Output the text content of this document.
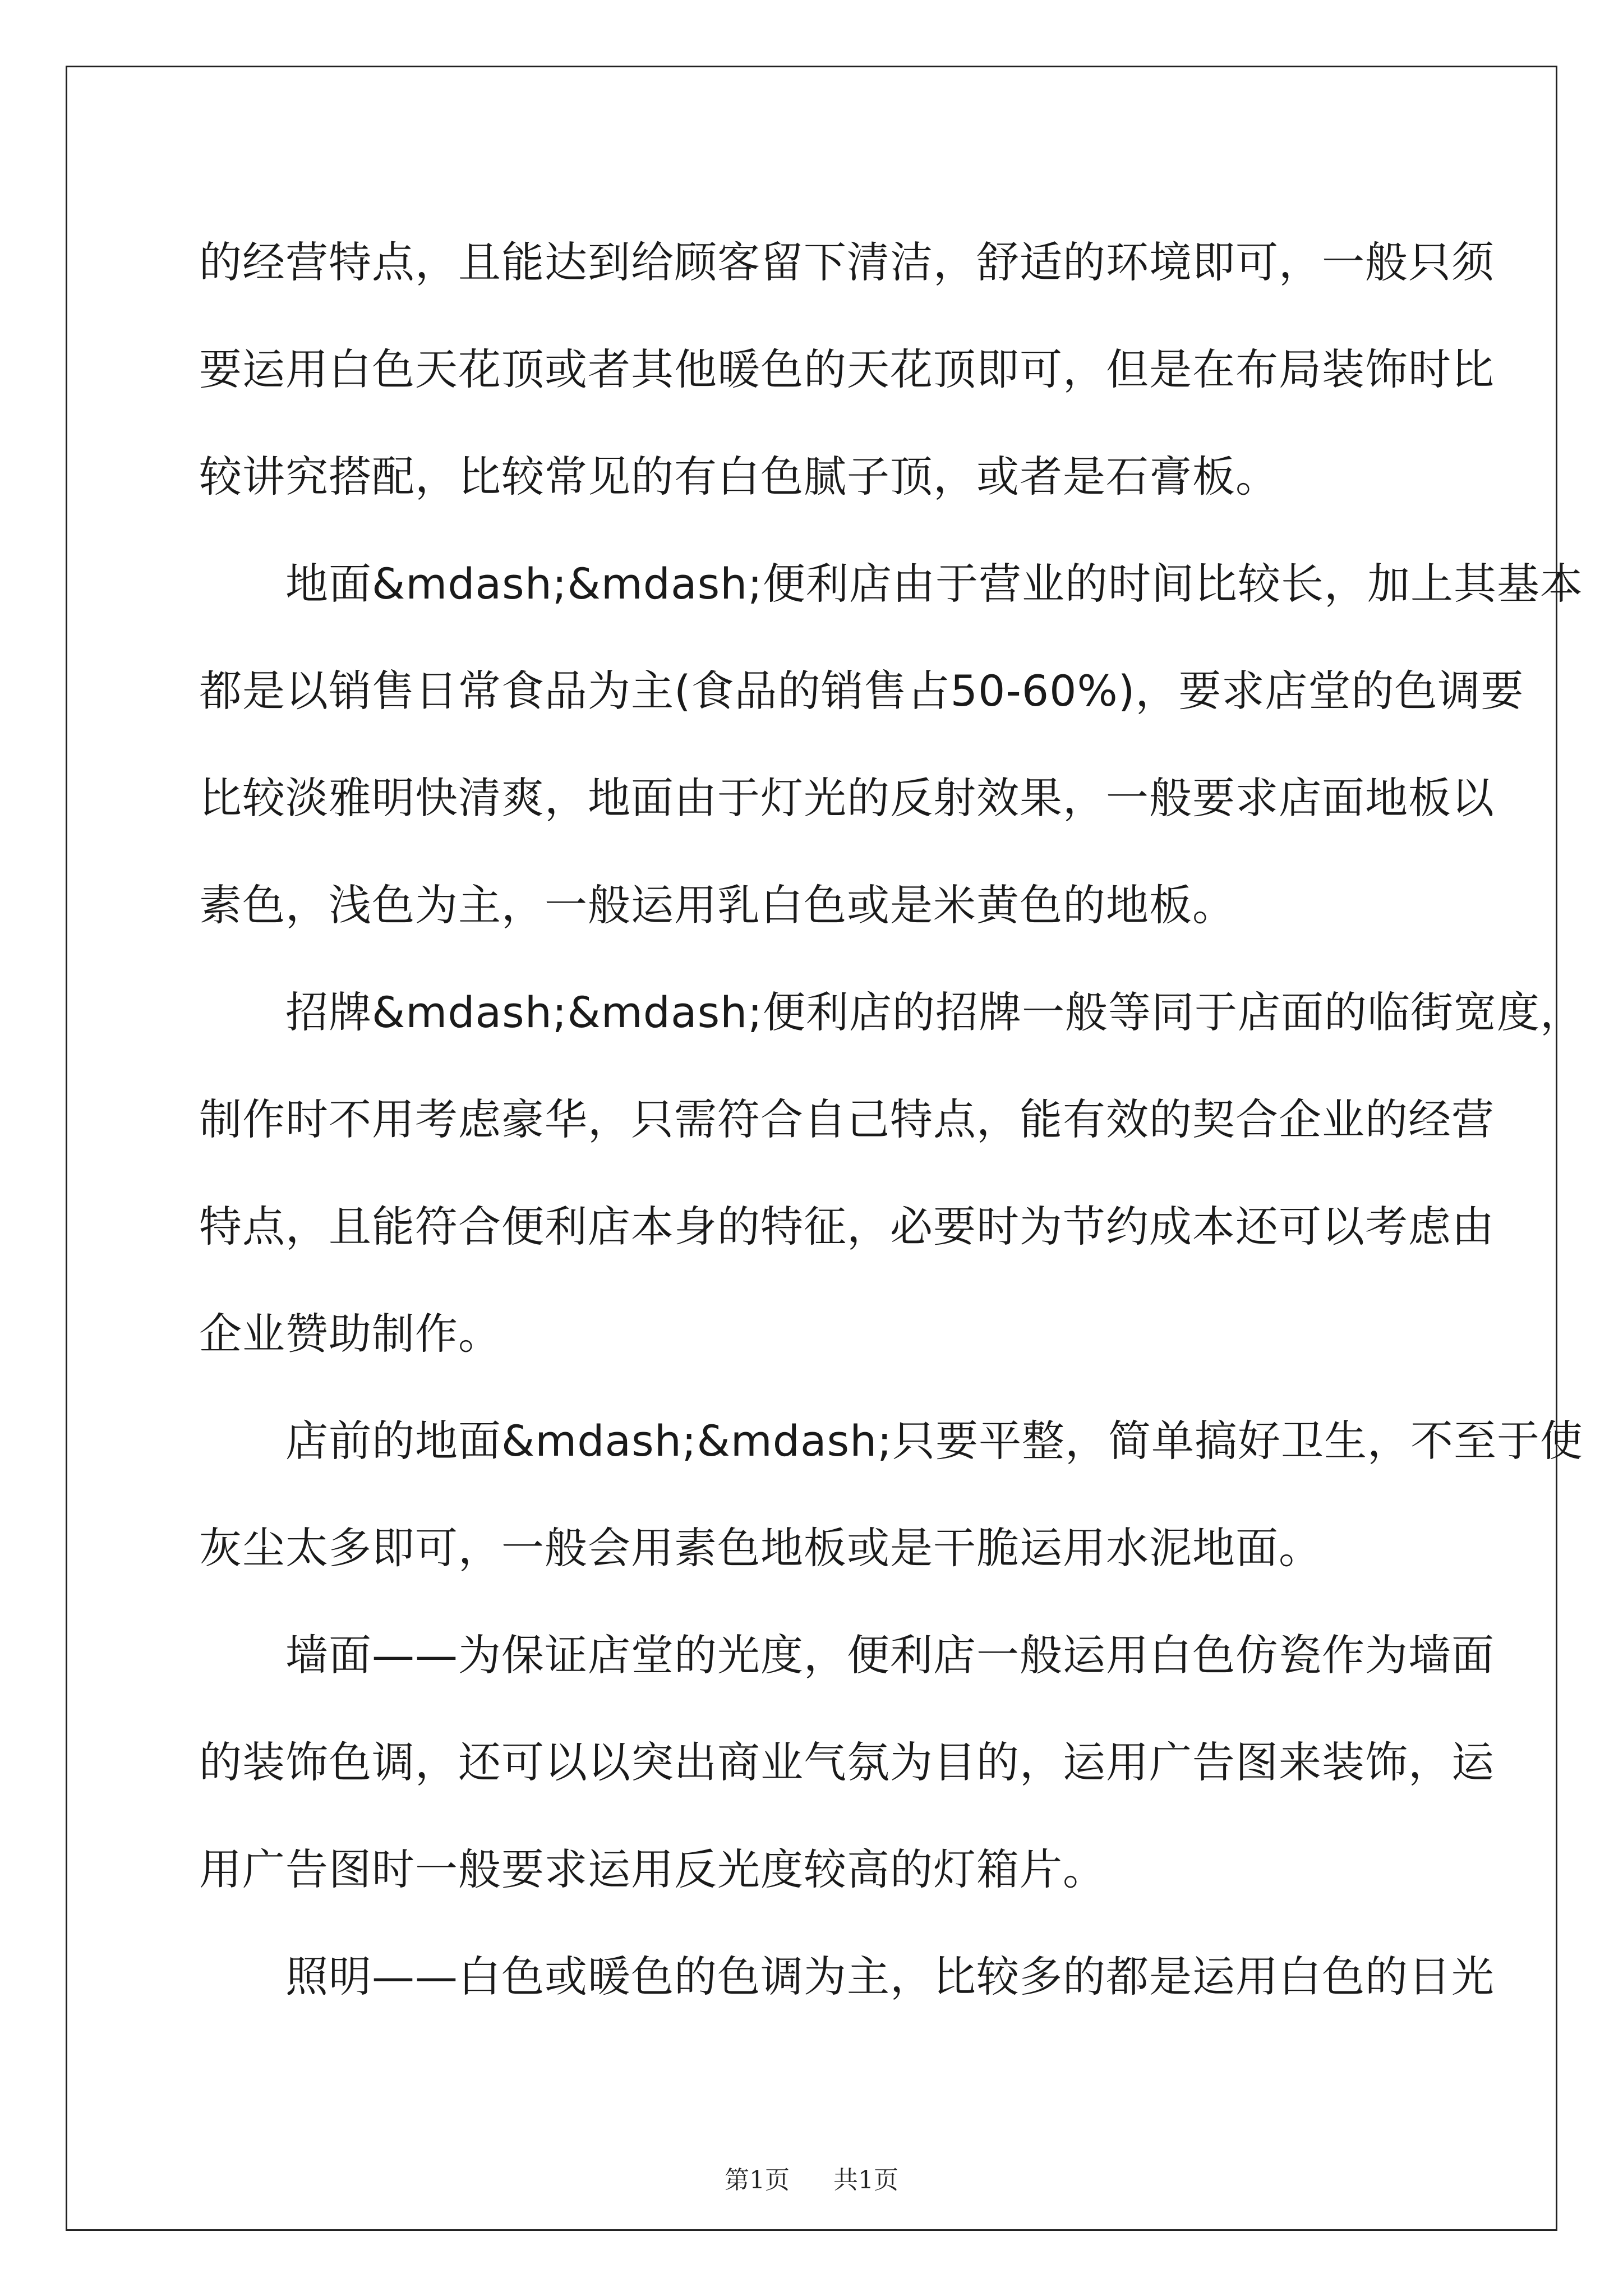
的经营特点，且能达到给顾客留下清洁，舒适的环境即可，一般只须
要运用白色天花顶或者其他暖色的天花顶即可，但是在布局装饰时比
较讲究搭配，比较常见的有白色腻子顶，或者是石膏板。

　　地面&mdash;&mdash;便利店由于营业的时间比较长，加上其基本
都是以销售日常食品为主(食品的销售占50-60%)，要求店堂的色调要
比较淡雅明快清爽，地面由于灯光的反射效果，一般要求店面地板以
素色，浅色为主，一般运用乳白色或是米黄色的地板。

　　招牌&mdash;&mdash;便利店的招牌一般等同于店面的临街宽度，
制作时不用考虑豪华，只需符合自己特点，能有效的契合企业的经营
特点，且能符合便利店本身的特征，必要时为节约成本还可以考虑由
企业赞助制作。

　　店前的地面&mdash;&mdash;只要平整，简单搞好卫生，不至于使
灰尘太多即可，一般会用素色地板或是干脆运用水泥地面。

　　墙面——为保证店堂的光度，便利店一般运用白色仿瓷作为墙面
的装饰色调，还可以以突出商业气氛为目的，运用广告图来装饰，运
用广告图时一般要求运用反光度较高的灯箱片。

　　照明——白色或暖色的色调为主，比较多的都是运用白色的日光

第1页 共1页
